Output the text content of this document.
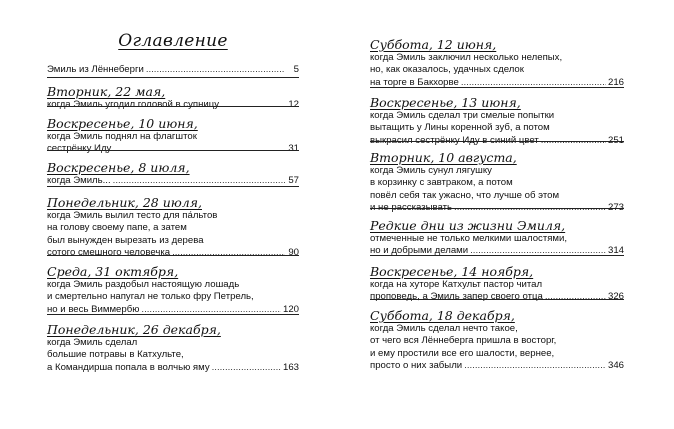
Оглавление
Эмиль из Лённеберги .....	5
Вторник, 22 мая,
когда Эмиль угодил головой в супницу .....	12
Воскресенье, 10 июня,
когда Эмиль поднял на флагшток
сестрёнку Иду .....	31
Воскресенье, 8 июля,
когда Эмиль... .....	57
Понедельник, 28 июля,
когда Эмиль вылил тесто для па́льтов
на голову своему папе, а затем
был вынужден вырезать из дерева
сотого смешного человечка .....	90
Среда, 31 октября,
когда Эмиль раздобыл настоящую лошадь
и смертельно напугал не только фру Петрель,
но и весь Виммербю .....	120
Понедельник, 26 декабря,
когда Эмиль сделал
большие потравы в Катхульте,
а Командирша попала в волчью яму .....	163
Суббота, 12 июня,
когда Эмиль заключил несколько нелепых,
но, как оказалось, удачных сделок
на торге в Бакхорве .....	216
Воскресенье, 13 июня,
когда Эмиль сделал три смелые попытки
вытащить у Лины коренной зуб, а потом
выкрасил сестрёнку Иду в синий цвет .....	251
Вторник, 10 августа,
когда Эмиль сунул лягушку
в корзинку с завтраком, а потом
повёл себя так ужасно, что лучше об этом
и не рассказывать .....	273
Редкие дни из жизни Эмиля,
отмеченные не только мелкими шалостями,
но и добрыми делами .....	314
Воскресенье, 14 ноября,
когда на хуторе Катхульт пастор читал
проповедь, а Эмиль запер своего отца .....	326
Суббота, 18 декабря,
когда Эмиль сделал нечто такое,
от чего вся Лённеберга пришла в восторг,
и ему простили все его шалости, вернее,
просто о них забыли .....	346
